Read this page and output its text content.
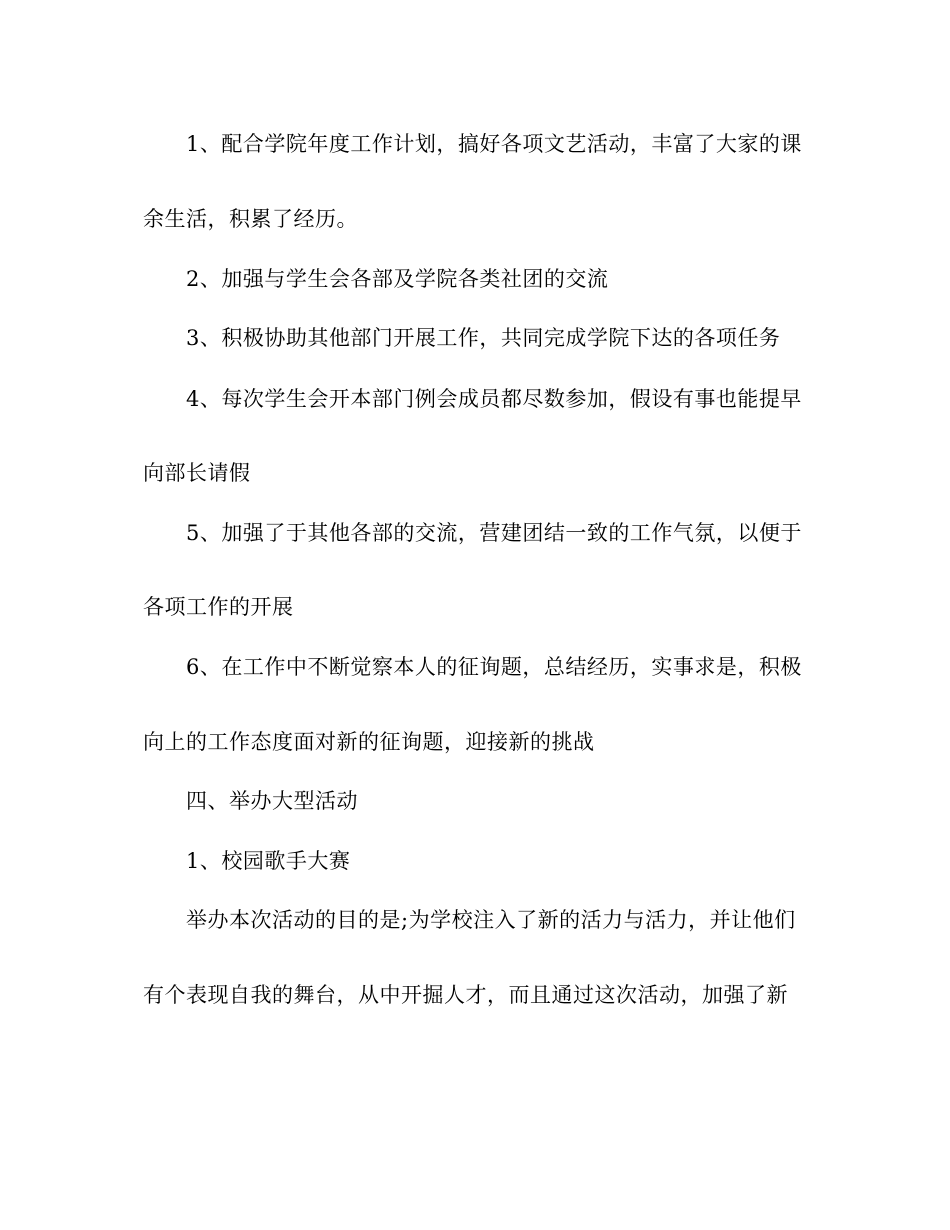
1、配合学院年度工作计划，搞好各项文艺活动，丰富了大家的课
余生活，积累了经历。
2、加强与学生会各部及学院各类社团的交流
3、积极协助其他部门开展工作，共同完成学院下达的各项任务
4、每次学生会开本部门例会成员都尽数参加，假设有事也能提早
向部长请假
5、加强了于其他各部的交流，营建团结一致的工作气氛，以便于
各项工作的开展
6、在工作中不断觉察本人的征询题，总结经历，实事求是，积极
向上的工作态度面对新的征询题，迎接新的挑战
四、举办大型活动
1、校园歌手大赛
举办本次活动的目的是;为学校注入了新的活力与活力，并让他们
有个表现自我的舞台，从中开掘人才，而且通过这次活动，加强了新
